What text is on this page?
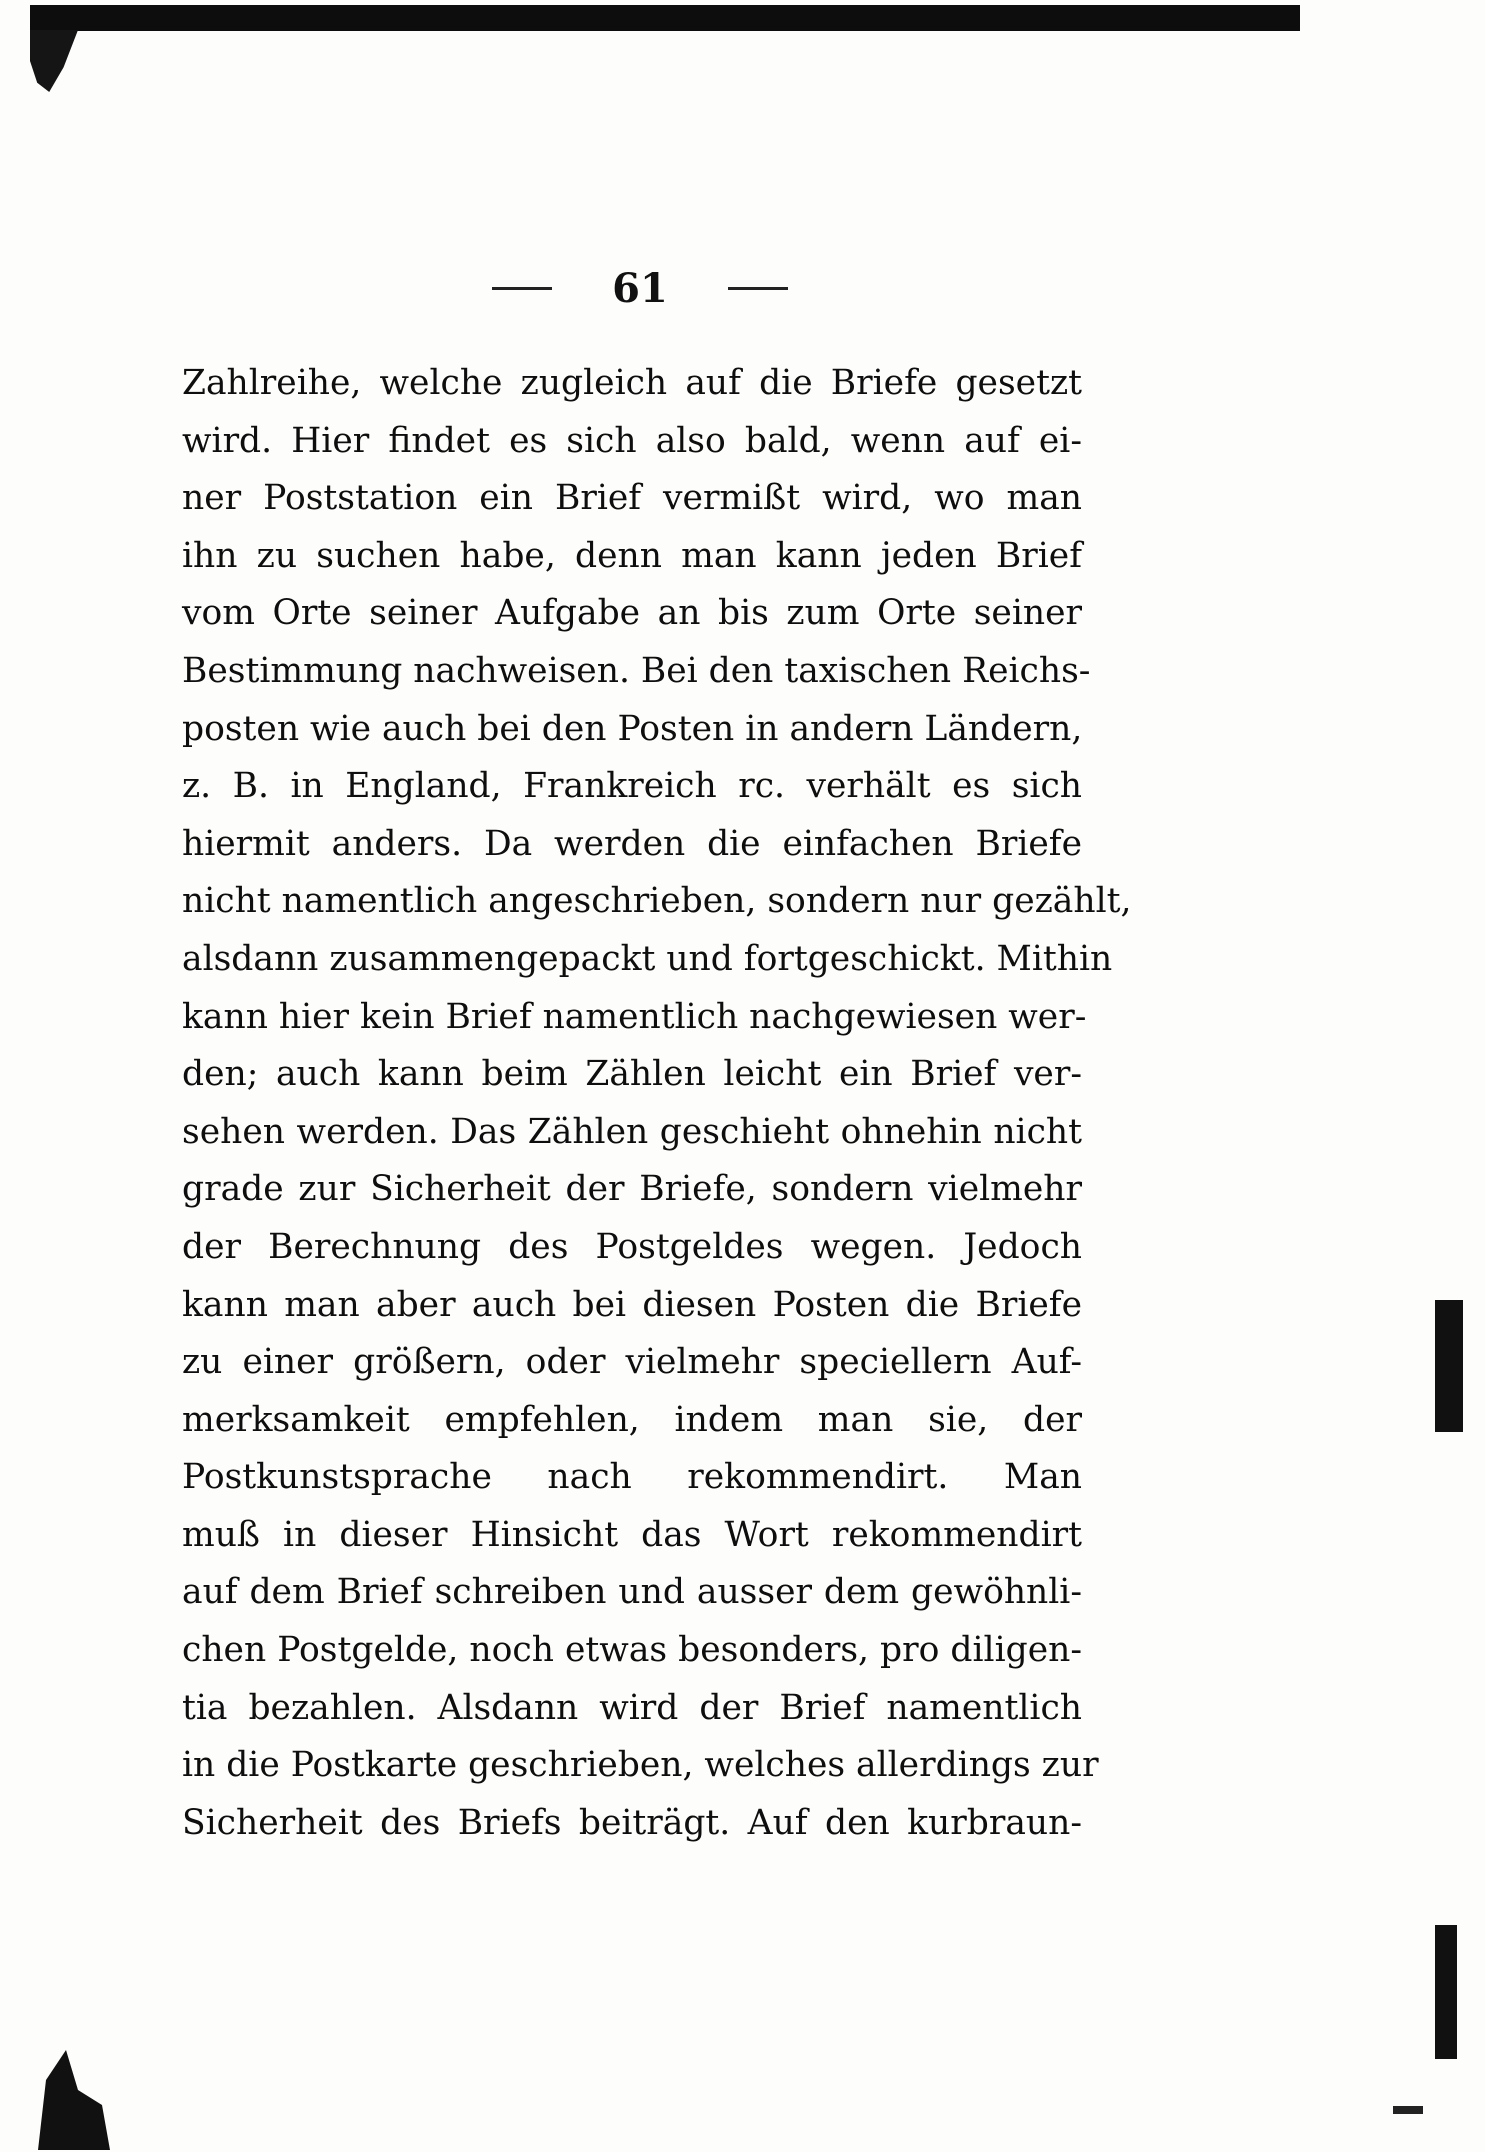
61
Zahlreihe, welche zugleich auf die Briefe gesetzt
wird. Hier findet es sich also bald, wenn auf ei-
ner Poststation ein Brief vermißt wird, wo man
ihn zu suchen habe, denn man kann jeden Brief
vom Orte seiner Aufgabe an bis zum Orte seiner
Bestimmung nachweisen. Bei den taxischen Reichs-
posten wie auch bei den Posten in andern Ländern,
z. B. in England, Frankreich rc. verhält es sich
hiermit anders. Da werden die einfachen Briefe
nicht namentlich angeschrieben, sondern nur gezählt,
alsdann zusammengepackt und fortgeschickt. Mithin
kann hier kein Brief namentlich nachgewiesen wer-
den; auch kann beim Zählen leicht ein Brief ver-
sehen werden. Das Zählen geschieht ohnehin nicht
grade zur Sicherheit der Briefe, sondern vielmehr
der Berechnung des Postgeldes wegen. Jedoch
kann man aber auch bei diesen Posten die Briefe
zu einer größern, oder vielmehr speciellern Auf-
merksamkeit empfehlen, indem man sie, der
Postkunstsprache nach rekommendirt. Man
muß in dieser Hinsicht das Wort rekommendirt
auf dem Brief schreiben und ausser dem gewöhnli-
chen Postgelde, noch etwas besonders, pro diligen-
tia bezahlen. Alsdann wird der Brief namentlich
in die Postkarte geschrieben, welches allerdings zur
Sicherheit des Briefs beiträgt. Auf den kurbraun-
